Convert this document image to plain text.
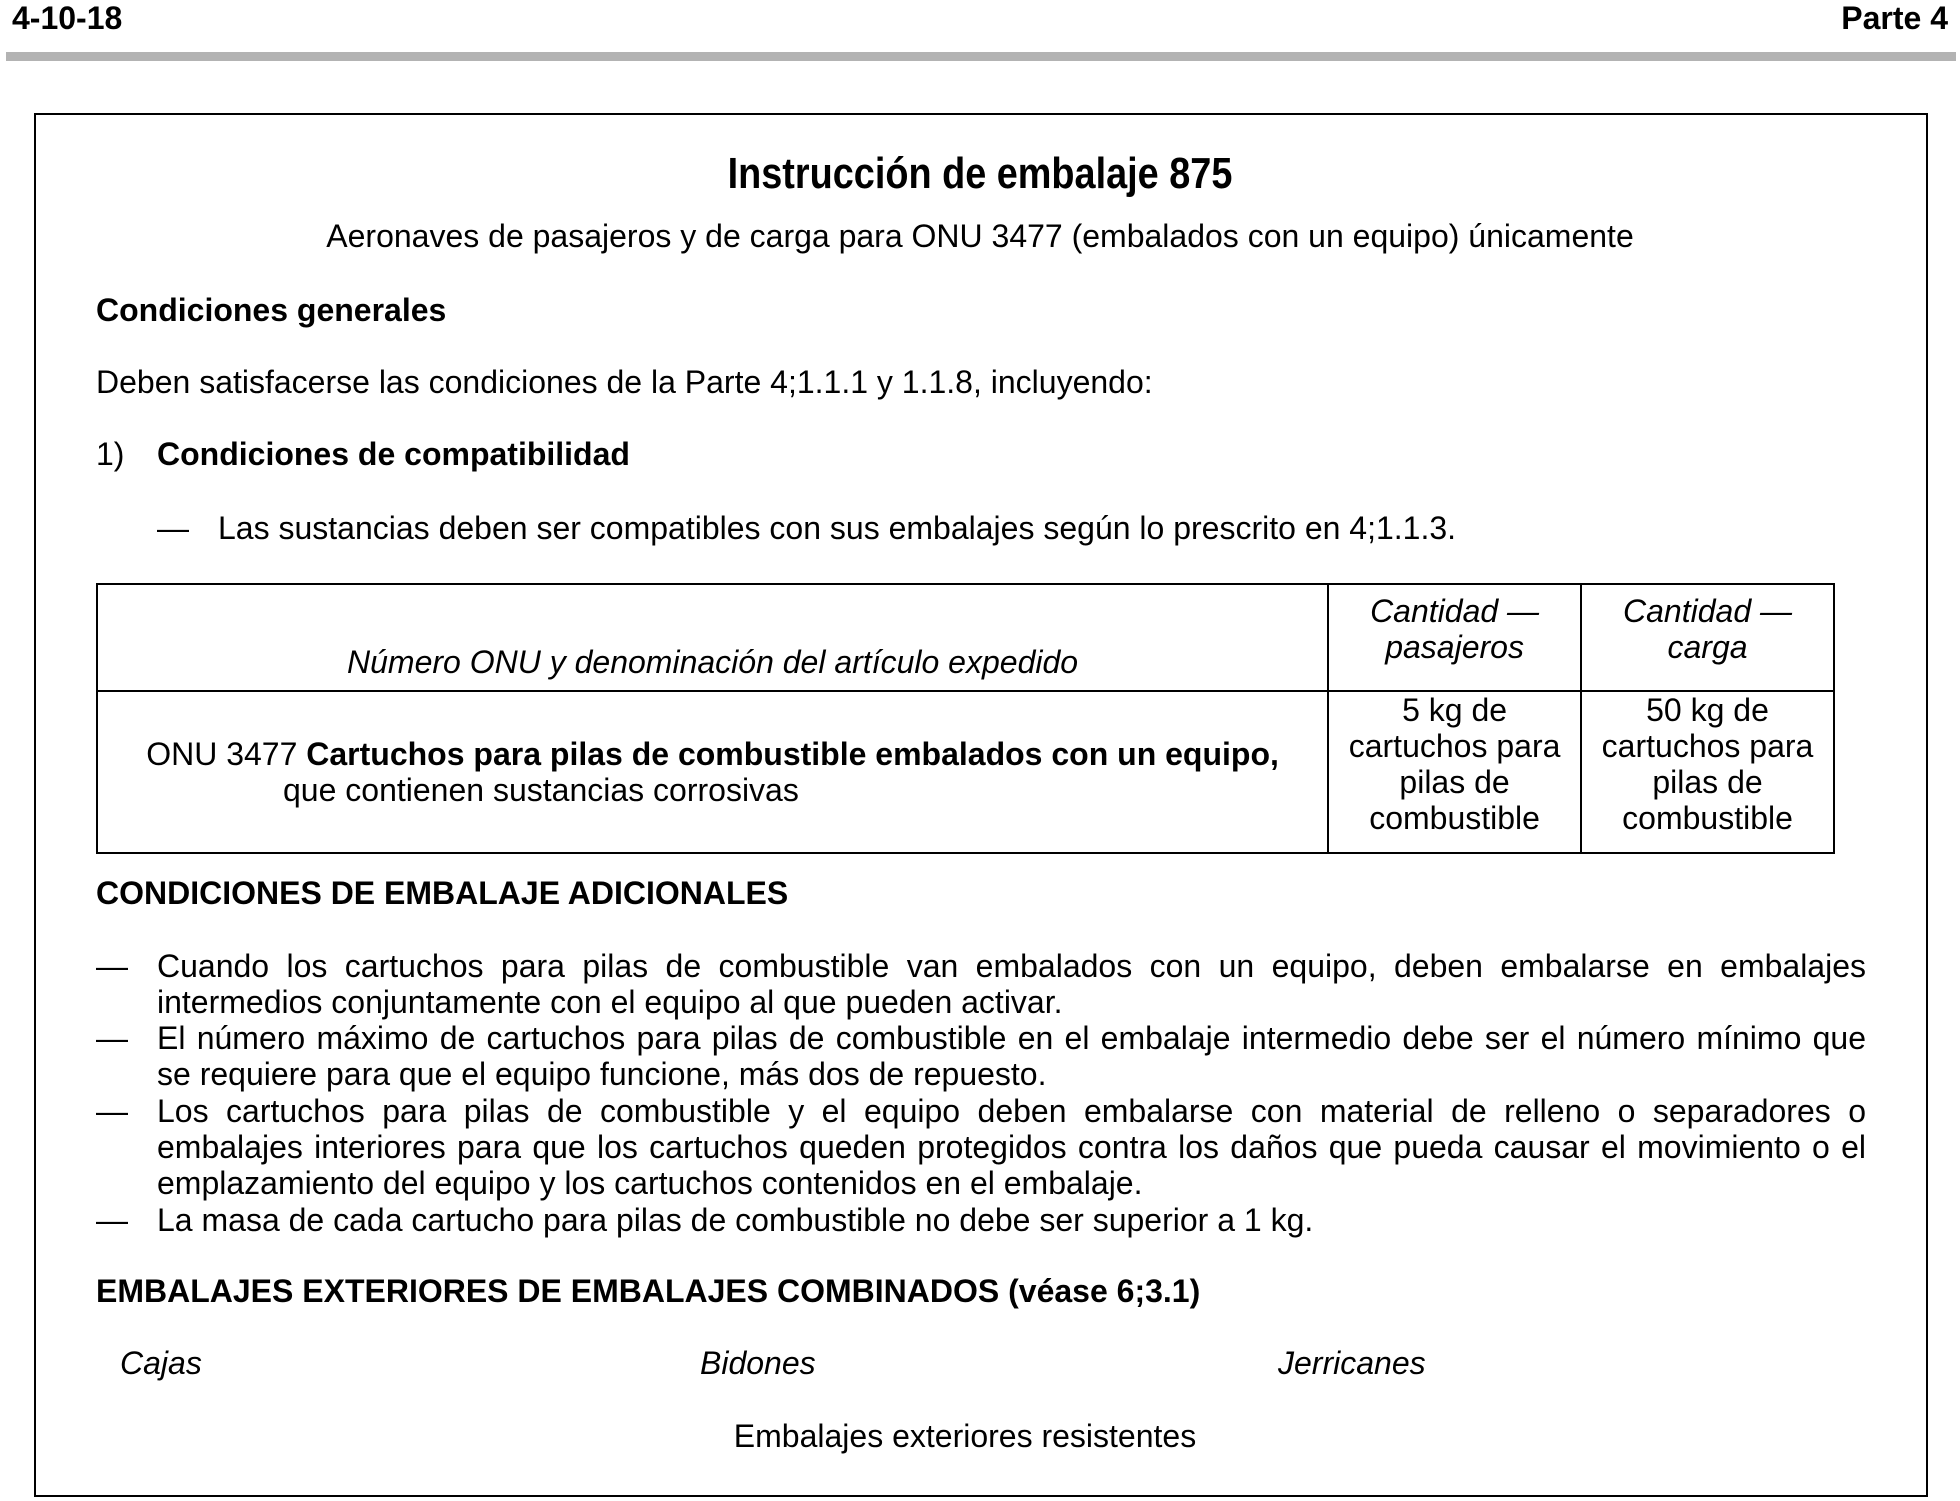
4-10-18	Parte 4
Instrucción de embalaje 875
Aeronaves de pasajeros y de carga para ONU 3477 (embalados con un equipo) únicamente
Condiciones generales
Deben satisfacerse las condiciones de la Parte 4;1.1.1 y 1.1.8, incluyendo:
1) Condiciones de compatibilidad
— Las sustancias deben ser compatibles con sus embalajes según lo prescrito en 4;1.1.3.
Número ONU y denominación del artículo expedido	Cantidad — pasajeros	Cantidad — carga

ONU 3477 Cartuchos para pilas de combustible embalados con un equipo,
que contienen sustancias corrosivas	5 kg de cartuchos para pilas de combustible	50 kg de cartuchos para pilas de combustible
CONDICIONES DE EMBALAJE ADICIONALES
— Cuando los cartuchos para pilas de combustible van embalados con un equipo, deben embalarse en embalajes intermedios conjuntamente con el equipo al que pueden activar.
— El número máximo de cartuchos para pilas de combustible en el embalaje intermedio debe ser el número mínimo que se requiere para que el equipo funcione, más dos de repuesto.
— Los cartuchos para pilas de combustible y el equipo deben embalarse con material de relleno o separadores o embalajes interiores para que los cartuchos queden protegidos contra los daños que pueda causar el movimiento o el emplazamiento del equipo y los cartuchos contenidos en el embalaje.
— La masa de cada cartucho para pilas de combustible no debe ser superior a 1 kg.
EMBALAJES EXTERIORES DE EMBALAJES COMBINADOS (véase 6;3.1)
Cajas	Bidones	Jerricanes
Embalajes exteriores resistentes
